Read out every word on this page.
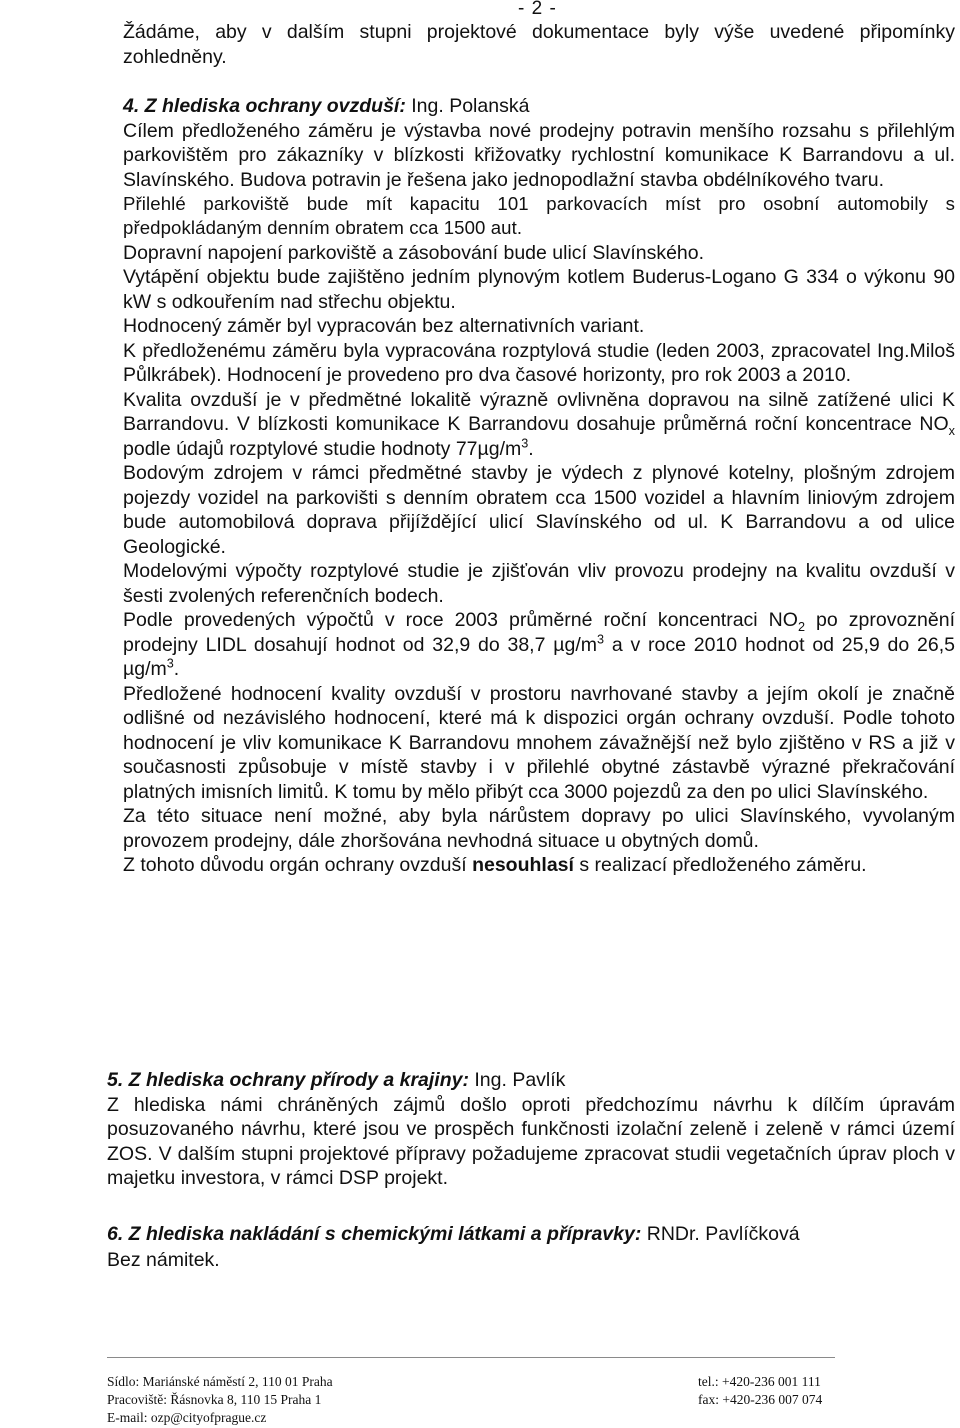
- 2 -
Žádáme, aby v dalším stupni projektové dokumentace byly výše uvedené připomínky zohledněny.

4. Z hlediska ochrany ovzduší: Ing. Polanská

Cílem předloženého záměru je výstavba nové prodejny potravin menšího rozsahu s přilehlým parkovištěm pro zákazníky v blízkosti křižovatky rychlostní komunikace K Barrandovu a ul. Slavínského. Budova potravin je řešena jako jednopodlažní stavba obdélníkového tvaru.

Přilehlé parkoviště bude mít kapacitu 101 parkovacích míst pro osobní automobily s předpokládaným denním obratem cca 1500 aut.

Dopravní napojení parkoviště a zásobování bude ulicí Slavínského.

Vytápění objektu bude zajištěno jedním plynovým kotlem Buderus-Logano G 334 o výkonu 90 kW s odkouřením nad střechu objektu.

Hodnocený záměr byl vypracován bez alternativních variant.

K předloženému záměru byla vypracována rozptylová studie (leden 2003, zpracovatel Ing.Miloš Půlkrábek). Hodnocení je provedeno pro dva časové horizonty, pro rok 2003 a 2010.

Kvalita ovzduší je v předmětné lokalitě výrazně ovlivněna dopravou na silně zatížené ulici K Barrandovu. V blízkosti komunikace K Barrandovu dosahuje průměrná roční koncentrace $NO_x$ podle údajů rozptylové studie hodnoty $77\mu g/m^3$.

Bodovým zdrojem v rámci předmětné stavby je výdech z plynové kotelny, plošným zdrojem pojezdy vozidel na parkovišti s denním obratem cca 1500 vozidel a hlavním liniovým zdrojem bude automobilová doprava přijíždějící ulicí Slavínského od ul. K Barrandovu a od ulice Geologické.

Modelovými výpočty rozptylové studie je zjišťován vliv provozu prodejny na kvalitu ovzduší v šesti zvolených referenčních bodech.

Podle provedených výpočtů v roce 2003 průměrné roční koncentraci $NO_2$ po zprovoznění prodejny LIDL dosahují hodnot od 32,9 do 38,7 $\mu g/m^3$ a v roce 2010 hodnot od 25,9 do 26,5 $\mu g/m^3$.

Předložené hodnocení kvality ovzduší v prostoru navrhované stavby a jejím okolí je značně odlišné od nezávislého hodnocení, které má k dispozici orgán ochrany ovzduší. Podle tohoto hodnocení je vliv komunikace K Barrandovu mnohem závažnější než bylo zjištěno v RS a již v současnosti způsobuje v místě stavby i v přilehlé obytné zástavbě výrazné překračování platných imisních limitů. K tomu by mělo přibýt cca 3000 pojezdů za den po ulici Slavínského.

Za této situace není možné, aby byla nárůstem dopravy po ulici Slavínského, vyvolaným provozem prodejny, dále zhoršována nevhodná situace u obytných domů.

Z tohoto důvodu orgán ochrany ovzduší nesouhlasí s realizací předloženého záměru.

5. Z hlediska ochrany přírody a krajiny: Ing. Pavlík

Z hlediska námi chráněných zájmů došlo oproti předchozímu návrhu k dílčím úpravám posuzovaného návrhu, které jsou ve prospěch funkčnosti izolační zeleně i zeleně v rámci území ZOS. V dalším stupni projektové přípravy požadujeme zpracovat studii vegetačních úprav ploch v majetku investora, v rámci DSP projekt.

6. Z hlediska nakládání s chemickými látkami a přípravky: RNDr. Pavlíčková

Bez námitek.

Sídlo: Mariánské náměstí 2, 110 01 Praha
Pracoviště: Řásnovka 8, 110 15 Praha 1
E-mail: ozp@cityofprague.cz
tel.: +420-236 001 111
fax: +420-236 007 074
